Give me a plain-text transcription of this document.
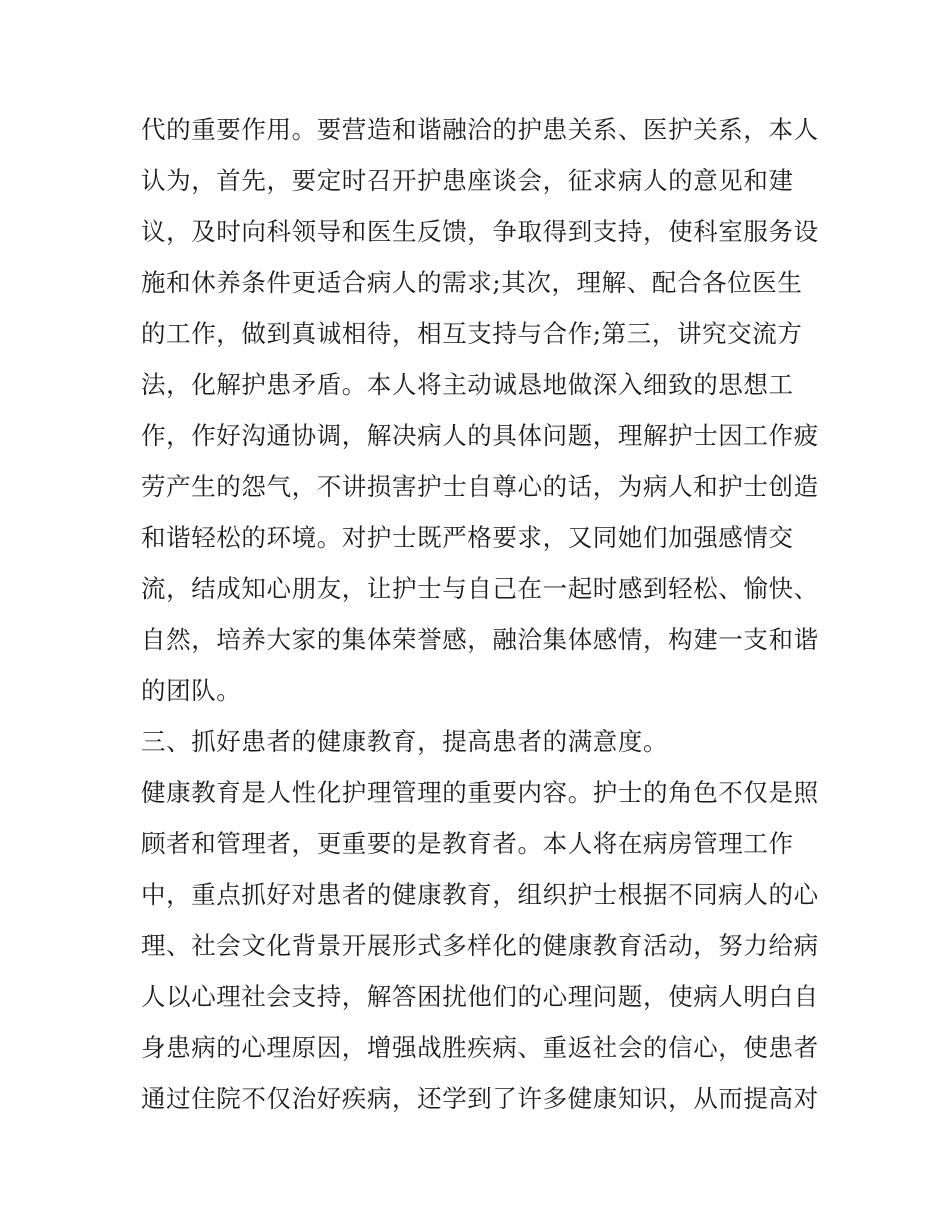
代的重要作用。要营造和谐融洽的护患关系、医护关系，本人
认为，首先，要定时召开护患座谈会，征求病人的意见和建
议，及时向科领导和医生反馈，争取得到支持，使科室服务设
施和休养条件更适合病人的需求;其次，理解、配合各位医生
的工作，做到真诚相待，相互支持与合作;第三，讲究交流方
法，化解护患矛盾。本人将主动诚恳地做深入细致的思想工
作，作好沟通协调，解决病人的具体问题，理解护士因工作疲
劳产生的怨气，不讲损害护士自尊心的话，为病人和护士创造
和谐轻松的环境。对护士既严格要求，又同她们加强感情交
流，结成知心朋友，让护士与自己在一起时感到轻松、愉快、
自然，培养大家的集体荣誉感，融洽集体感情，构建一支和谐
的团队。
三、抓好患者的健康教育，提高患者的满意度。
健康教育是人性化护理管理的重要内容。护士的角色不仅是照
顾者和管理者，更重要的是教育者。本人将在病房管理工作
中，重点抓好对患者的健康教育，组织护士根据不同病人的心
理、社会文化背景开展形式多样化的健康教育活动，努力给病
人以心理社会支持，解答困扰他们的心理问题，使病人明白自
身患病的心理原因，增强战胜疾病、重返社会的信心，使患者
通过住院不仅治好疾病，还学到了许多健康知识，从而提高对
